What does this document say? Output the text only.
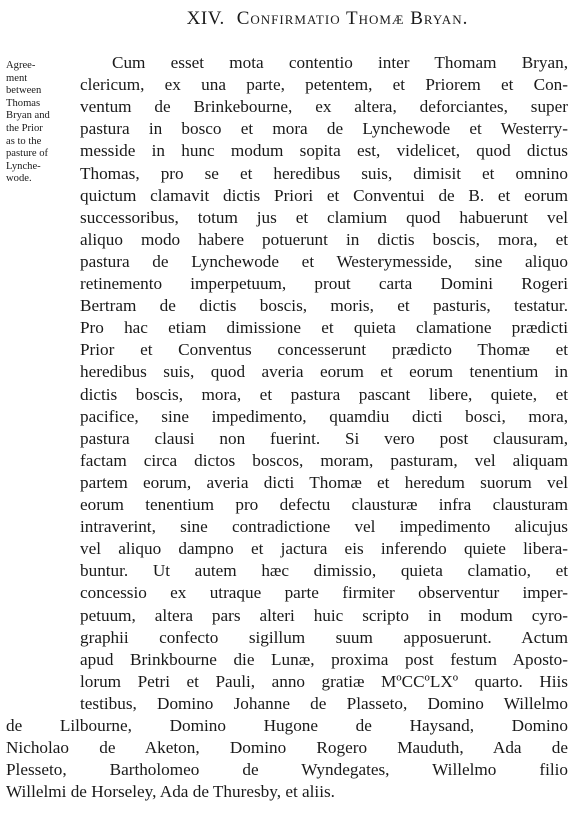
XIV. Confirmatio Thomæ Bryan.
Agree-
ment
between
Thomas
Bryan and
the Prior
as to the
pasture of
Lynche-
wode.
Cum esset mota contentio inter Thomam Bryan,
clericum, ex una parte, petentem, et Priorem et Con-
ventum de Brinkebourne, ex altera, deforciantes, super
pastura in bosco et mora de Lynchewode et Westerry-
messide in hunc modum sopita est, videlicet, quod dictus
Thomas, pro se et heredibus suis, dimisit et omnino
quictum clamavit dictis Priori et Conventui de B. et eorum
successoribus, totum jus et clamium quod habuerunt vel
aliquo modo habere potuerunt in dictis boscis, mora, et
pastura de Lynchewode et Westerymesside, sine aliquo
retinemento imperpetuum, prout carta Domini Rogeri
Bertram de dictis boscis, moris, et pasturis, testatur.
Pro hac etiam dimissione et quieta clamatione prædicti
Prior et Conventus concesserunt prædicto Thomæ et
heredibus suis, quod averia eorum et eorum tenentium in
dictis boscis, mora, et pastura pascant libere, quiete, et
pacifice, sine impedimento, quamdiu dicti bosci, mora,
pastura clausi non fuerint. Si vero post clausuram,
factam circa dictos boscos, moram, pasturam, vel aliquam
partem eorum, averia dicti Thomæ et heredum suorum vel
eorum tenentium pro defectu clausturæ infra clausturam
intraverint, sine contradictione vel impedimento alicujus
vel aliquo dampno et jactura eis inferendo quiete libera-
buntur. Ut autem hæc dimissio, quieta clamatio, et
concessio ex utraque parte firmiter observentur imper-
petuum, altera pars alteri huic scripto in modum cyro-
graphii confecto sigillum suum apposuerunt. Actum
apud Brinkbourne die Lunæ, proxima post festum Aposto-
lorum Petri et Pauli, anno gratiæ MºCCºLXº quarto. Hiis
testibus, Domino Johanne de Plasseto, Domino Willelmo
de Lilbourne, Domino Hugone de Haysand, Domino
Nicholao de Aketon, Domino Rogero Mauduth, Ada de
Plesseto, Bartholomeo de Wyndegates, Willelmo filio
Willelmi de Horseley, Ada de Thuresby, et aliis.
